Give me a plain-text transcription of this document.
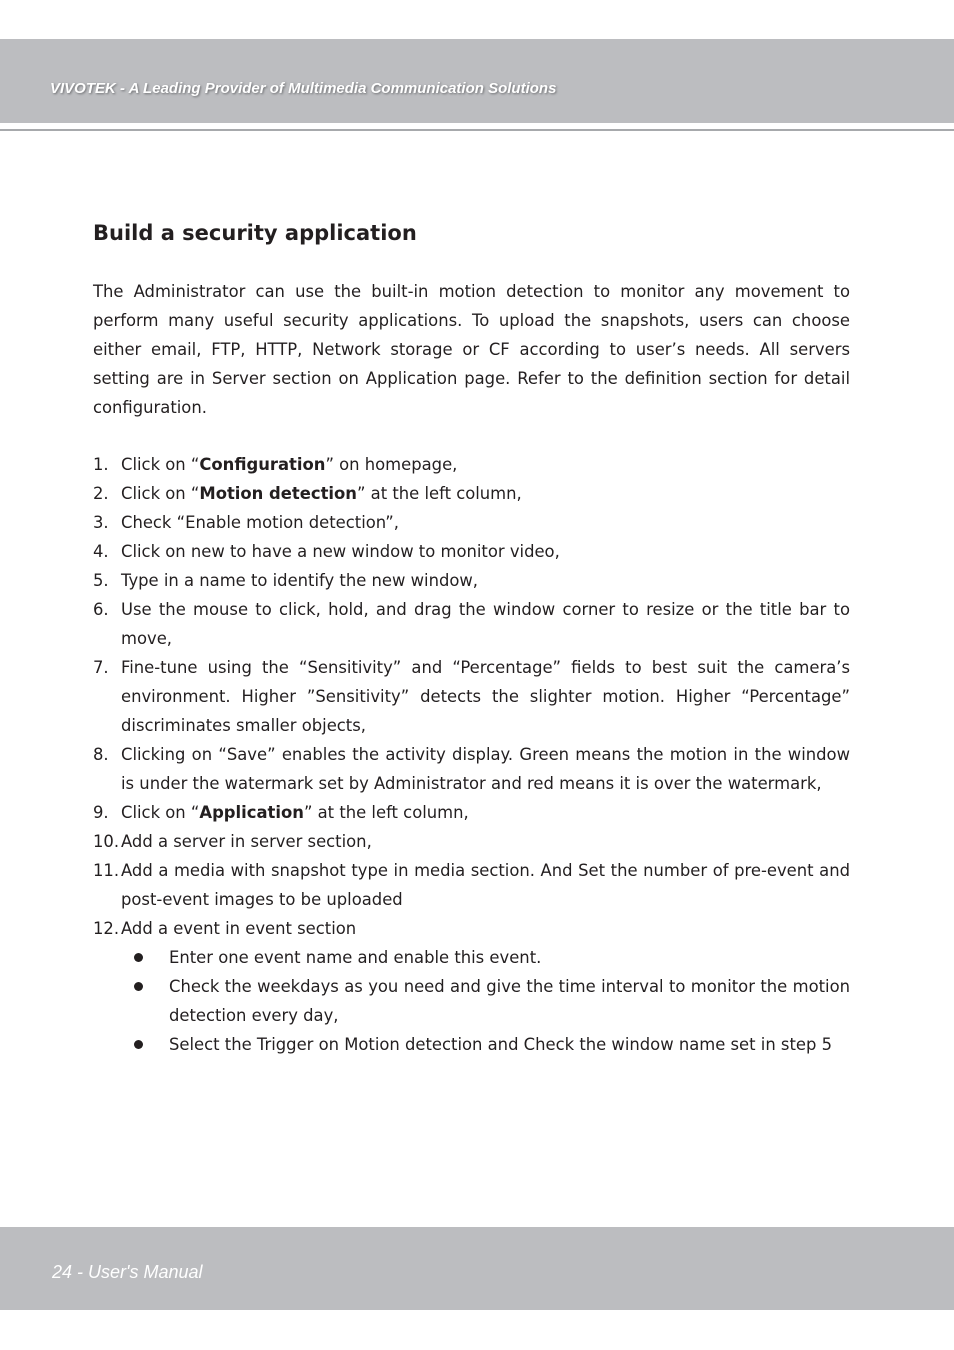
VIVOTEK - A Leading Provider of Multimedia Communication Solutions
Build a security application
The Administrator can use the built-in motion detection to monitor any movement to perform many useful security applications. To upload the snapshots, users can choose either email, FTP, HTTP, Network storage or CF according to user’s needs. All servers setting are in Server section on Application page. Refer to the definition section for detail configuration.
1. Click on “Configuration” on homepage,
2. Click on “Motion detection” at the left column,
3. Check “Enable motion detection”,
4. Click on new to have a new window to monitor video,
5. Type in a name to identify the new window,
6. Use the mouse to click, hold, and drag the window corner to resize or the title bar to move,
7. Fine-tune using the “Sensitivity” and “Percentage” fields to best suit the camera’s environment. Higher ”Sensitivity” detects the slighter motion. Higher “Percentage” discriminates smaller objects,
8. Clicking on “Save” enables the activity display. Green means the motion in the window is under the watermark set by Administrator and red means it is over the watermark,
9. Click on “Application” at the left column,
10. Add a server in server section,
11. Add a media with snapshot type in media section. And Set the number of pre-event and post-event images to be uploaded
12. Add a event in event section
Enter one event name and enable this event.
Check the weekdays as you need and give the time interval to monitor the motion detection every day,
Select the Trigger on Motion detection and Check the window name set in step 5
24 - User's Manual
